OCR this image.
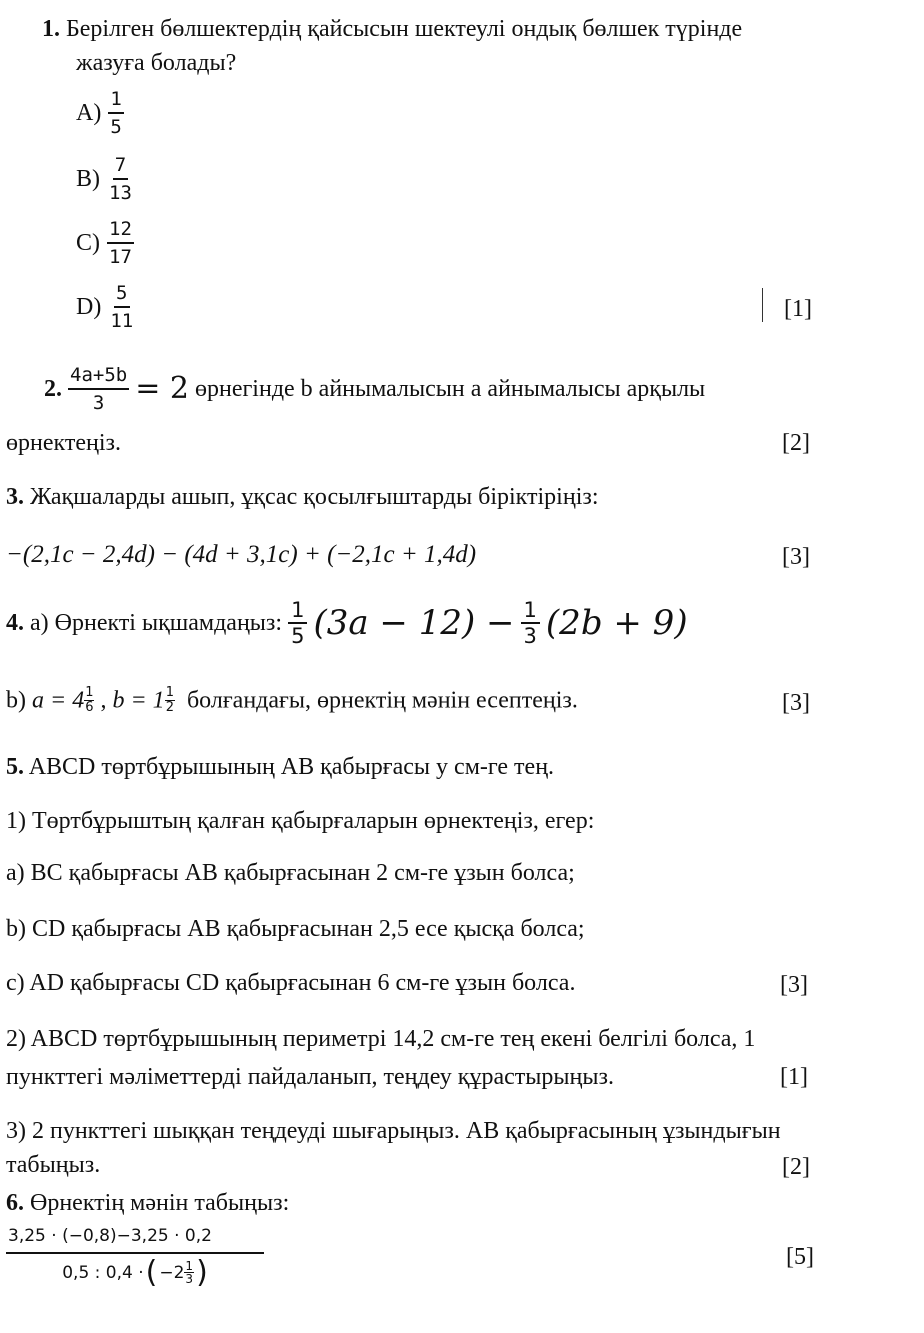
1. Берілген бөлшектердің қайсысын шектеулі ондық бөлшек түрінде
жазуға болады?
$A) \frac{1}{5}$
$B) \frac{7}{13}$
$C) \frac{12}{17}$
$D) \frac{5}{11}$	[1]
2. $\frac{4a+5b}{3} = 2$ өрнегінде b айнымалысын a айнымалысы арқылы
өрнектеңіз.	[2]
3. Жақшаларды ашып, ұқсас қосылғыштарды біріктіріңіз:
−(2,1c − 2,4d) − (4d + 3,1c) + (−2,1c + 1,4d)	[3]
4. a) Өрнекті ықшамдаңыз: $\frac{1}{5} (3a - 12) - \frac{1}{3} (2b + 9)$
b) $a = 4 \frac{1}{6}$ , $b = 1 \frac{1}{2}$ болғандағы, өрнектің мәнін есептеңіз.	[3]
5. ABCD төртбұрышының AB қабырғасы y см-ге тең.
1) Төртбұрыштың қалған қабырғаларын өрнектеңіз, егер:
a) BC қабырғасы AB қабырғасынан 2 см-ге ұзын болса;
b) CD қабырғасы AB қабырғасынан 2,5 есе қысқа болса;
c) AD қабырғасы CD қабырғасынан 6 см-ге ұзын болса.	[3]
2) ABCD төртбұрышының периметрі 14,2 см-ге тең екені белгілі болса, 1
пункттегі мәліметтерді пайдаланып, теңдеу құрастырыңыз.	[1]
3) 2 пункттегі шыққан теңдеуді шығарыңыз. AB қабырғасының ұзындығын
табыңыз.	[2]
6. Өрнектің мәнін табыңыз:
$\frac{3,25 \cdot (-0,8)-3,25 \cdot 0,2}{0,5 : 0,4 \cdot ( -2 \frac{1}{3} )}$	[5]
